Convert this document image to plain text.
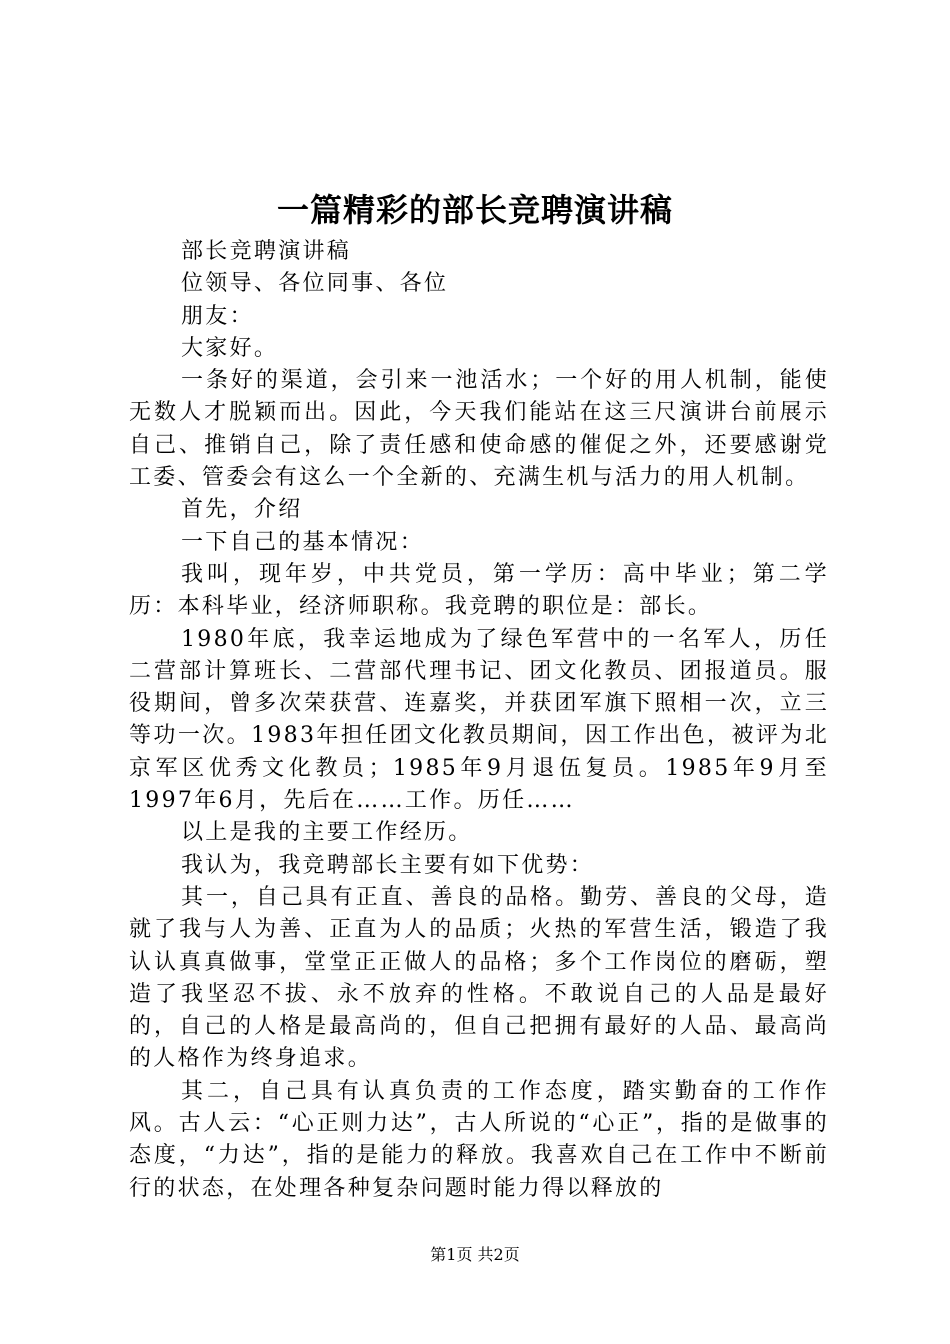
一篇精彩的部长竞聘演讲稿

部长竞聘演讲稿

位领导、各位同事、各位

朋友：

大家好。

一条好的渠道，会引来一池活水；一个好的用人机制，能使无数人才脱颖而出。因此，今天我们能站在这三尺演讲台前展示自己、推销自己，除了责任感和使命感的催促之外，还要感谢党工委、管委会有这么一个全新的、充满生机与活力的用人机制。

首先，介绍

一下自己的基本情况：

我叫，现年岁，中共党员，第一学历：高中毕业；第二学历：本科毕业，经济师职称。我竞聘的职位是：部长。

1980年底，我幸运地成为了绿色军营中的一名军人，历任二营部计算班长、二营部代理书记、团文化教员、团报道员。服役期间，曾多次荣获营、连嘉奖，并获团军旗下照相一次，立三等功一次。1983年担任团文化教员期间，因工作出色，被评为北京军区优秀文化教员；1985年9月退伍复员。1985年9月至1997年6月，先后在……工作。历任……

以上是我的主要工作经历。

我认为，我竞聘部长主要有如下优势：

其一，自己具有正直、善良的品格。勤劳、善良的父母，造就了我与人为善、正直为人的品质；火热的军营生活，锻造了我认认真真做事，堂堂正正做人的品格；多个工作岗位的磨砺，塑造了我坚忍不拔、永不放弃的性格。不敢说自己的人品是最好的，自己的人格是最高尚的，但自己把拥有最好的人品、最高尚的人格作为终身追求。

其二，自己具有认真负责的工作态度，踏实勤奋的工作作风。古人云：“心正则力达”，古人所说的“心正”，指的是做事的态度，“力达”，指的是能力的释放。我喜欢自己在工作中不断前行的状态，在处理各种复杂问题时能力得以释放的

第1页 共2页
